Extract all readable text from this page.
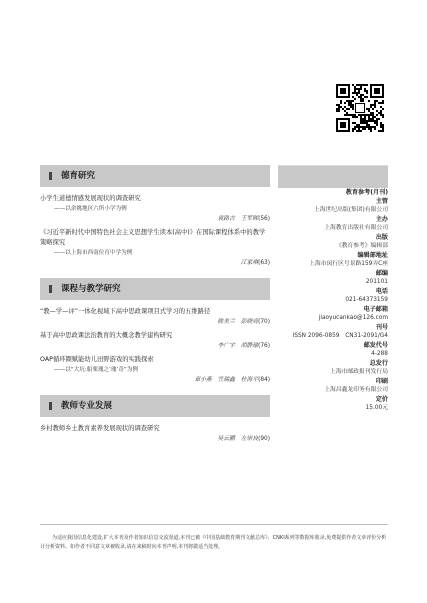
德育研究
小学生道德情感发展现状的调查研究
——以余姚地区六所小学为例
袁路吉　王军晖(56)
《习近平新时代中国特色社会主义思想学生读本(高中)》在国际课程体系中的教学策略探究
——以上海市西南位育中学为例
江家琪(63)
课程与教学研究
“教—学—评”一体化视域下高中思政课项目式学习的五维路径
陈美兰　彭晓亮(70)
基于高中思政课法治教育的大概念教学建构研究
李广宇　胡静瑜(76)
OAP循环圈赋能幼儿田野游戏的实践探索
——以“大坑:船栗瑰之‘瑰’奇”为例
章小燕　笠瑞鑫　杜海平(84)
教师专业发展
乡村教师乡土教育素养发展现状的调查研究
吴云鹏　左崇良(90)
教育参考(月刊)
主管
上海世纪出版(集团)有限公司
主办
上海教育出版社有限公司
出版
《教育参考》编辑部
编辑部地址
上海市闵行区号景路159弄C座
邮编
201101
电话
021-64373159
电子邮箱
jiaoyucankao@126.com
刊号
ISSN 2096-0859　CN31-2091/G4
邮发代号
4-288
总发行
上海市邮政报刊发行局
印刷
上海昌鑫龙印务有限公司
定价
15.00元

为适应我国信息化建设,扩大本刊及作者知识信息交流渠道,本刊已被《中国基础教育期刊文献总库》、CNKI系列等数据库收录,免费提供作者文章评价分析计分析资料。如作者不同意文章被收录,请在来稿时向本刊声明,本刊将做适当处理。
